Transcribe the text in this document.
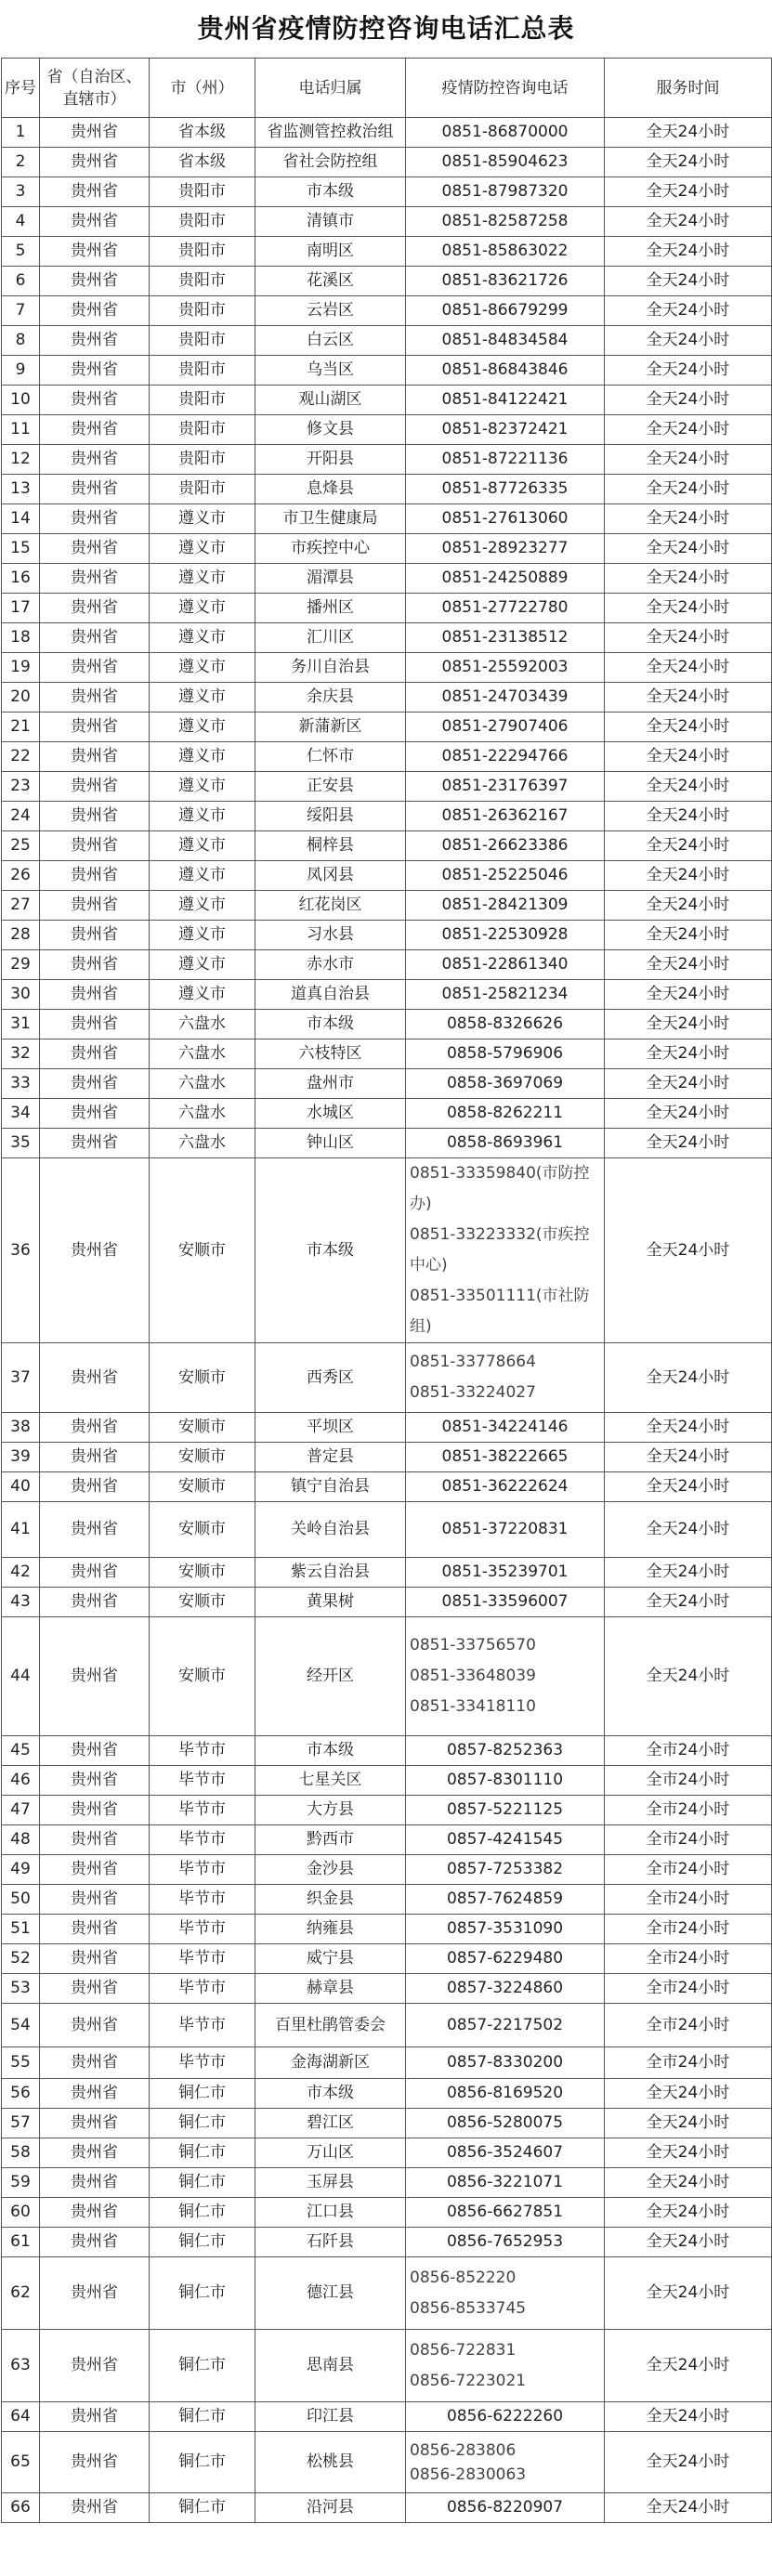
贵州省疫情防控咨询电话汇总表
序号	省（自治区、直辖市）	市（州）	电话归属	疫情防控咨询电话	服务时间
1	贵州省	省本级	省监测管控救治组	0851-86870000	全天24小时
2	贵州省	省本级	省社会防控组	0851-85904623	全天24小时
3	贵州省	贵阳市	市本级	0851-87987320	全天24小时
4	贵州省	贵阳市	清镇市	0851-82587258	全天24小时
5	贵州省	贵阳市	南明区	0851-85863022	全天24小时
6	贵州省	贵阳市	花溪区	0851-83621726	全天24小时
7	贵州省	贵阳市	云岩区	0851-86679299	全天24小时
8	贵州省	贵阳市	白云区	0851-84834584	全天24小时
9	贵州省	贵阳市	乌当区	0851-86843846	全天24小时
10	贵州省	贵阳市	观山湖区	0851-84122421	全天24小时
11	贵州省	贵阳市	修文县	0851-82372421	全天24小时
12	贵州省	贵阳市	开阳县	0851-87221136	全天24小时
13	贵州省	贵阳市	息烽县	0851-87726335	全天24小时
14	贵州省	遵义市	市卫生健康局	0851-27613060	全天24小时
15	贵州省	遵义市	市疾控中心	0851-28923277	全天24小时
16	贵州省	遵义市	湄潭县	0851-24250889	全天24小时
17	贵州省	遵义市	播州区	0851-27722780	全天24小时
18	贵州省	遵义市	汇川区	0851-23138512	全天24小时
19	贵州省	遵义市	务川自治县	0851-25592003	全天24小时
20	贵州省	遵义市	余庆县	0851-24703439	全天24小时
21	贵州省	遵义市	新蒲新区	0851-27907406	全天24小时
22	贵州省	遵义市	仁怀市	0851-22294766	全天24小时
23	贵州省	遵义市	正安县	0851-23176397	全天24小时
24	贵州省	遵义市	绥阳县	0851-26362167	全天24小时
25	贵州省	遵义市	桐梓县	0851-26623386	全天24小时
26	贵州省	遵义市	凤冈县	0851-25225046	全天24小时
27	贵州省	遵义市	红花岗区	0851-28421309	全天24小时
28	贵州省	遵义市	习水县	0851-22530928	全天24小时
29	贵州省	遵义市	赤水市	0851-22861340	全天24小时
30	贵州省	遵义市	道真自治县	0851-25821234	全天24小时
31	贵州省	六盘水	市本级	0858-8326626	全天24小时
32	贵州省	六盘水	六枝特区	0858-5796906	全天24小时
33	贵州省	六盘水	盘州市	0858-3697069	全天24小时
34	贵州省	六盘水	水城区	0858-8262211	全天24小时
35	贵州省	六盘水	钟山区	0858-8693961	全天24小时
36	贵州省	安顺市	市本级	0851-33359840(市防控办)
0851-33223332(市疾控中心)
0851-33501111(市社防组)	全天24小时
37	贵州省	安顺市	西秀区	0851-33778664
0851-33224027	全天24小时
38	贵州省	安顺市	平坝区	0851-34224146	全天24小时
39	贵州省	安顺市	普定县	0851-38222665	全天24小时
40	贵州省	安顺市	镇宁自治县	0851-36222624	全天24小时
41	贵州省	安顺市	关岭自治县	0851-37220831	全天24小时
42	贵州省	安顺市	紫云自治县	0851-35239701	全天24小时
43	贵州省	安顺市	黄果树	0851-33596007	全天24小时
44	贵州省	安顺市	经开区	0851-33756570
0851-33648039
0851-33418110	全天24小时
45	贵州省	毕节市	市本级	0857-8252363	全市24小时
46	贵州省	毕节市	七星关区	0857-8301110	全市24小时
47	贵州省	毕节市	大方县	0857-5221125	全市24小时
48	贵州省	毕节市	黔西市	0857-4241545	全市24小时
49	贵州省	毕节市	金沙县	0857-7253382	全市24小时
50	贵州省	毕节市	织金县	0857-7624859	全市24小时
51	贵州省	毕节市	纳雍县	0857-3531090	全市24小时
52	贵州省	毕节市	威宁县	0857-6229480	全市24小时
53	贵州省	毕节市	赫章县	0857-3224860	全市24小时
54	贵州省	毕节市	百里杜鹃管委会	0857-2217502	全市24小时
55	贵州省	毕节市	金海湖新区	0857-8330200	全市24小时
56	贵州省	铜仁市	市本级	0856-8169520	全天24小时
57	贵州省	铜仁市	碧江区	0856-5280075	全天24小时
58	贵州省	铜仁市	万山区	0856-3524607	全天24小时
59	贵州省	铜仁市	玉屏县	0856-3221071	全天24小时
60	贵州省	铜仁市	江口县	0856-6627851	全天24小时
61	贵州省	铜仁市	石阡县	0856-7652953	全天24小时
62	贵州省	铜仁市	德江县	0856-852220
0856-8533745	全天24小时
63	贵州省	铜仁市	思南县	0856-722831
0856-7223021	全天24小时
64	贵州省	铜仁市	印江县	0856-6222260	全天24小时
65	贵州省	铜仁市	松桃县	0856-283806
0856-2830063	全天24小时
66	贵州省	铜仁市	沿河县	0856-8220907	全天24小时
